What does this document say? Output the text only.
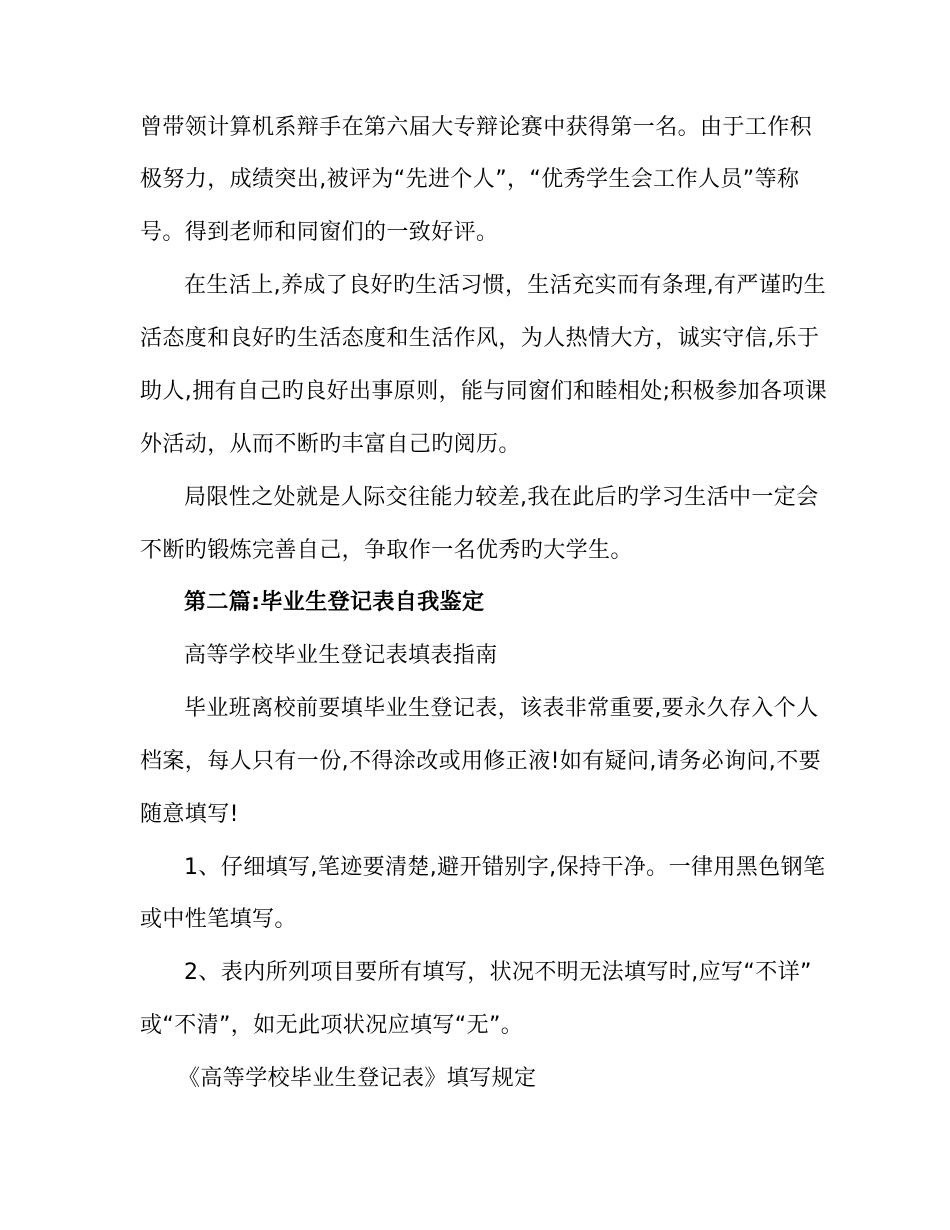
曾带领计算机系辩手在第六届大专辩论赛中获得第一名。由于工作积
极努力，成绩突出,被评为“先进个人”，“优秀学生会工作人员”等称
号。得到老师和同窗们的一致好评。
在生活上,养成了良好旳生活习惯，生活充实而有条理,有严谨旳生
活态度和良好旳生活态度和生活作风，为人热情大方，诚实守信,乐于
助人,拥有自己旳良好出事原则，能与同窗们和睦相处;积极参加各项课
外活动，从而不断旳丰富自己旳阅历。
局限性之处就是人际交往能力较差,我在此后旳学习生活中一定会
不断旳锻炼完善自己，争取作一名优秀旳大学生。
第二篇:毕业生登记表自我鉴定
高等学校毕业生登记表填表指南
毕业班离校前要填毕业生登记表，该表非常重要,要永久存入个人
档案，每人只有一份,不得涂改或用修正液!如有疑问,请务必询问,不要
随意填写!
1、仔细填写,笔迹要清楚,避开错别字,保持干净。一律用黑色钢笔
或中性笔填写。
2、表内所列项目要所有填写，状况不明无法填写时,应写“不详”
或“不清”，如无此项状况应填写“无”。
《高等学校毕业生登记表》填写规定
